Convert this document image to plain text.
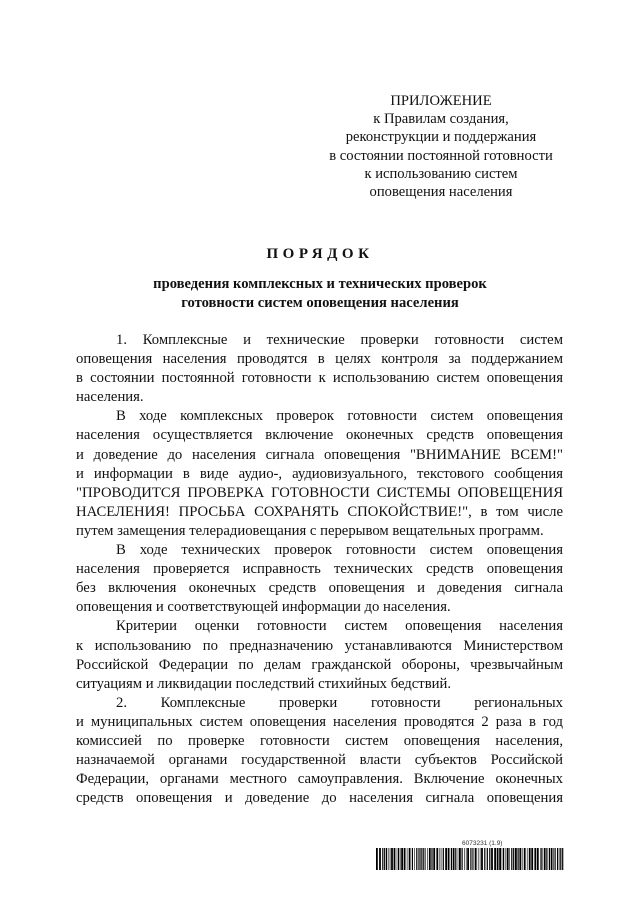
ПРИЛОЖЕНИЕ
к Правилам создания,
реконструкции и поддержания
в состоянии постоянной готовности
к использованию систем
оповещения населения
ПОРЯДОК
проведения комплексных и технических проверок
готовности систем оповещения населения
1. Комплексные и технические проверки готовности систем
оповещения населения проводятся в целях контроля за поддержанием
в состоянии постоянной готовности к использованию систем оповещения
населения.
В ходе комплексных проверок готовности систем оповещения
населения осуществляется включение оконечных средств оповещения
и доведение до населения сигнала оповещения "ВНИМАНИЕ ВСЕМ!"
и информации в виде аудио-, аудиовизуального, текстового сообщения
"ПРОВОДИТСЯ ПРОВЕРКА ГОТОВНОСТИ СИСТЕМЫ ОПОВЕЩЕНИЯ
НАСЕЛЕНИЯ! ПРОСЬБА СОХРАНЯТЬ СПОКОЙСТВИЕ!", в том числе
путем замещения телерадиовещания с перерывом вещательных программ.
В ходе технических проверок готовности систем оповещения
населения проверяется исправность технических средств оповещения
без включения оконечных средств оповещения и доведения сигнала
оповещения и соответствующей информации до населения.
Критерии оценки готовности систем оповещения населения
к использованию по предназначению устанавливаются Министерством
Российской Федерации по делам гражданской обороны, чрезвычайным
ситуациям и ликвидации последствий стихийных бедствий.
2. Комплексные проверки готовности региональных
и муниципальных систем оповещения населения проводятся 2 раза в год
комиссией по проверке готовности систем оповещения населения,
назначаемой органами государственной власти субъектов Российской
Федерации, органами местного самоуправления. Включение оконечных
средств оповещения и доведение до населения сигнала оповещения
6073231 (1.9)
